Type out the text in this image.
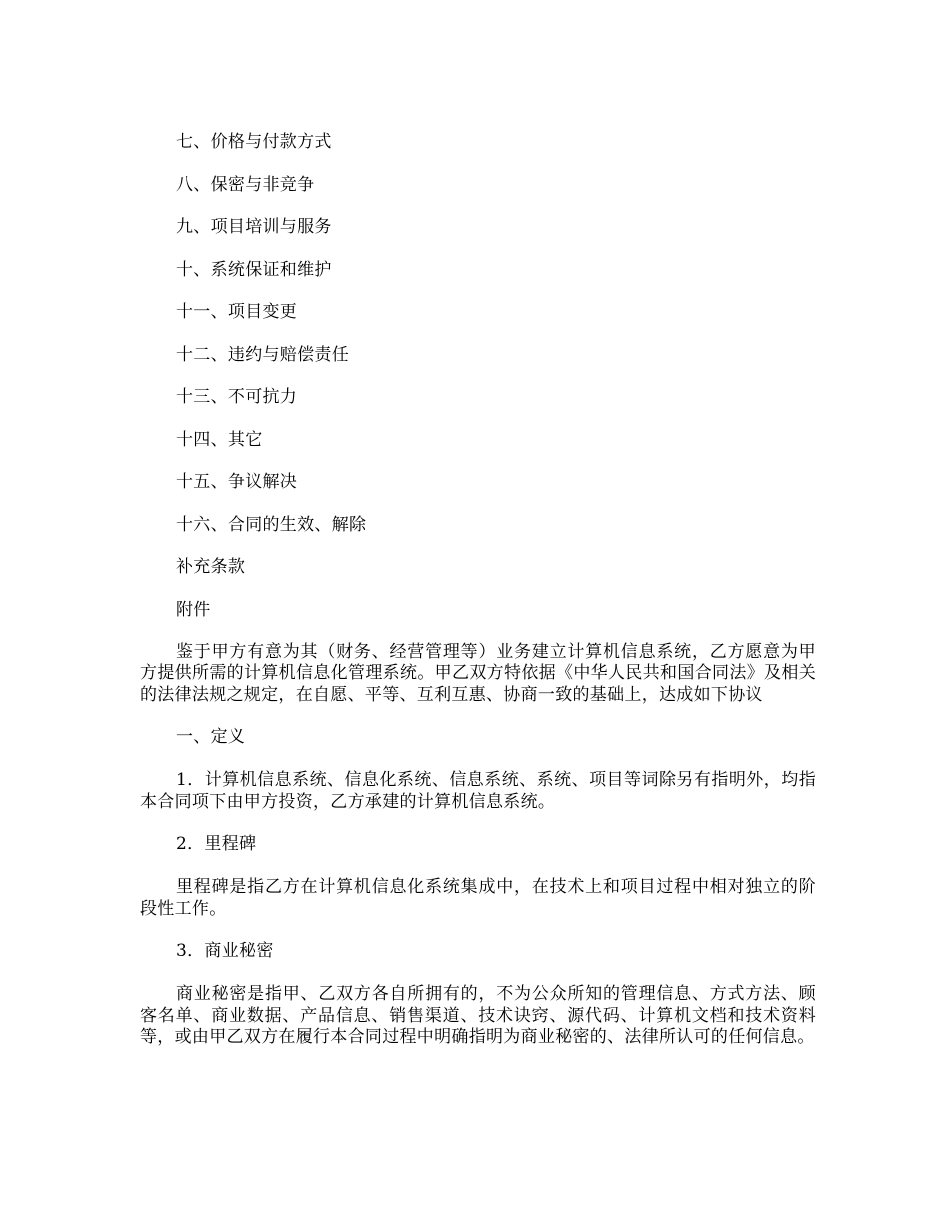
七、价格与付款方式

八、保密与非竞争

九、项目培训与服务

十、系统保证和维护

十一、项目变更

十二、违约与赔偿责任

十三、不可抗力

十四、其它

十五、争议解决

十六、合同的生效、解除

补充条款

附件

鉴于甲方有意为其（财务、经营管理等）业务建立计算机信息系统，乙方愿意为甲方提供所需的计算机信息化管理系统。甲乙双方特依据《中华人民共和国合同法》及相关的法律法规之规定，在自愿、平等、互利互惠、协商一致的基础上，达成如下协议

一、定义

1．计算机信息系统、信息化系统、信息系统、系统、项目等词除另有指明外，均指本合同项下由甲方投资，乙方承建的计算机信息系统。

2．里程碑

里程碑是指乙方在计算机信息化系统集成中，在技术上和项目过程中相对独立的阶段性工作。

3．商业秘密

商业秘密是指甲、乙双方各自所拥有的，不为公众所知的管理信息、方式方法、顾客名单、商业数据、产品信息、销售渠道、技术诀窍、源代码、计算机文档和技术资料等，或由甲乙双方在履行本合同过程中明确指明为商业秘密的、法律所认可的任何信息。
